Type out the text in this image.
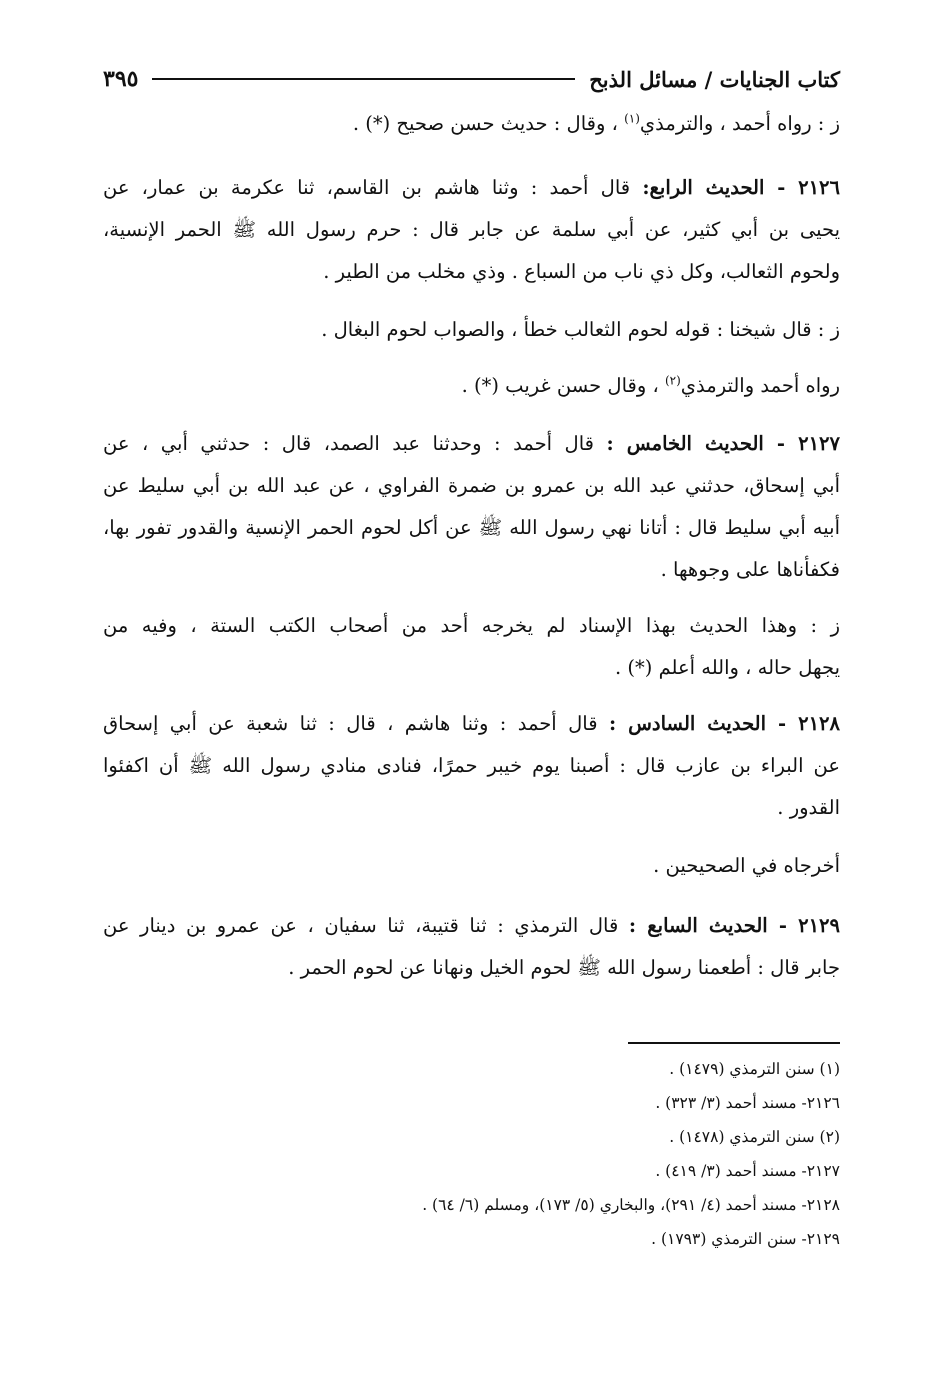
كتاب الجنايات / مسائل الذبح
٣٩٥
ز : رواه أحمد ، والترمذي$^{(١)}$ ، وقال : حديث حسن صحيح (*) .
٢١٢٦ - الحديث الرابع: قال أحمد : وثنا هاشم بن القاسم، ثنا عكرمة بن عمار، عن
يحيى بن أبي كثير، عن أبي سلمة عن جابر قال : حرم رسول الله ﷺ الحمر الإنسية،
ولحوم الثعالب، وكل ذي ناب من السباع . وذي مخلب من الطير .
ز : قال شيخنا : قوله لحوم الثعالب خطأ ، والصواب لحوم البغال .
رواه أحمد والترمذي$^{(٢)}$ ، وقال حسن غريب (*) .
٢١٢٧ - الحديث الخامس : قال أحمد : وحدثنا عبد الصمد، قال : حدثني أبي ، عن
أبي إسحاق، حدثني عبد الله بن عمرو بن ضمرة الفراوي ، عن عبد الله بن أبي سليط عن
أبيه أبي سليط قال : أتانا نهي رسول الله ﷺ عن أكل لحوم الحمر الإنسية والقدور تفور بها،
فكفأناها على وجوهها .
ز : وهذا الحديث بهذا الإسناد لم يخرجه أحد من أصحاب الكتب الستة ، وفيه من
يجهل حاله ، والله أعلم (*) .
٢١٢٨ - الحديث السادس : قال أحمد : وثنا هاشم ، قال : ثنا شعبة عن أبي إسحاق
عن البراء بن عازب قال : أصبنا يوم خيبر حمرًا، فنادى منادي رسول الله ﷺ أن اكفئوا
القدور .
أخرجاه في الصحيحين .
٢١٢٩ - الحديث السابع : قال الترمذي : ثنا قتيبة، ثنا سفيان ، عن عمرو بن دينار عن
جابر قال : أطعمنا رسول الله ﷺ لحوم الخيل ونهانا عن لحوم الحمر .
(١) سنن الترمذي (١٤٧٩) .
٢١٢٦- مسند أحمد (٣/ ٣٢٣) .
(٢) سنن الترمذي (١٤٧٨) .
٢١٢٧- مسند أحمد (٣/ ٤١٩) .
٢١٢٨- مسند أحمد (٤/ ٢٩١)، والبخاري (٥/ ١٧٣)، ومسلم (٦/ ٦٤) .
٢١٢٩- سنن الترمذي (١٧٩٣) .
